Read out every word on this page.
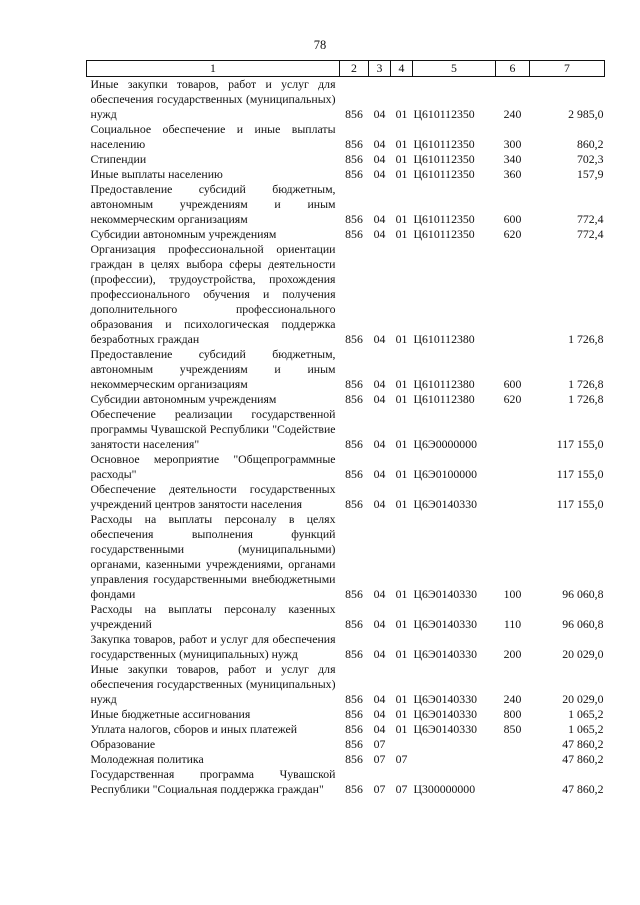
78
1	2	3	4	5	6	7
Иные закупки товаров, работ и услуг для обеспечения государственных (муниципальных) нужд	856	04	01	Ц610112350	240	2 985,0
Социальное обеспечение и иные выплаты населению	856	04	01	Ц610112350	300	860,2
Стипендии	856	04	01	Ц610112350	340	702,3
Иные выплаты населению	856	04	01	Ц610112350	360	157,9
Предоставление субсидий бюджетным, автономным учреждениям и иным некоммерческим организациям	856	04	01	Ц610112350	600	772,4
Субсидии автономным учреждениям	856	04	01	Ц610112350	620	772,4
Организация профессиональной ориентации граждан в целях выбора сферы деятельности (профессии), трудоустройства, прохождения профессионального обучения и получения дополнительного профессионального образования и психологическая поддержка безработных граждан	856	04	01	Ц610112380		1 726,8
Предоставление субсидий бюджетным, автономным учреждениям и иным некоммерческим организациям	856	04	01	Ц610112380	600	1 726,8
Субсидии автономным учреждениям	856	04	01	Ц610112380	620	1 726,8
Обеспечение реализации государственной программы Чувашской Республики "Содействие занятости населения"	856	04	01	Ц6Э0000000		117 155,0
Основное мероприятие "Общепрограммные расходы"	856	04	01	Ц6Э0100000		117 155,0
Обеспечение деятельности государственных учреждений центров занятости населения	856	04	01	Ц6Э0140330		117 155,0
Расходы на выплаты персоналу в целях обеспечения выполнения функций государственными (муниципальными) органами, казенными учреждениями, органами управления государственными внебюджетными фондами	856	04	01	Ц6Э0140330	100	96 060,8
Расходы на выплаты персоналу казенных учреждений	856	04	01	Ц6Э0140330	110	96 060,8
Закупка товаров, работ и услуг для обеспечения государственных (муниципальных) нужд	856	04	01	Ц6Э0140330	200	20 029,0
Иные закупки товаров, работ и услуг для обеспечения государственных (муниципальных) нужд	856	04	01	Ц6Э0140330	240	20 029,0
Иные бюджетные ассигнования	856	04	01	Ц6Э0140330	800	1 065,2
Уплата налогов, сборов и иных платежей	856	04	01	Ц6Э0140330	850	1 065,2
Образование	856	07				47 860,2
Молодежная политика	856	07	07			47 860,2
Государственная программа Чувашской Республики "Социальная поддержка граждан"	856	07	07	Ц300000000		47 860,2
